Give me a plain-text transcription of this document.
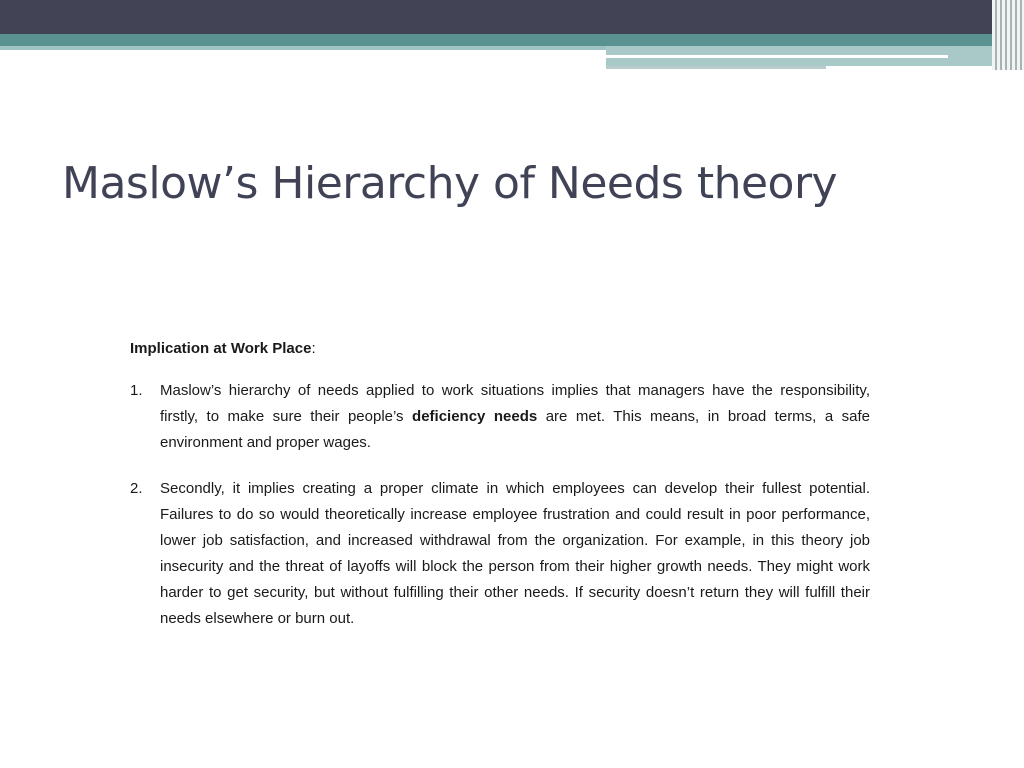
Maslow’s Hierarchy of Needs theory
Implication at Work Place:
1.	Maslow’s hierarchy of needs applied to work situations implies that managers have the responsibility, firstly, to make sure their people’s deficiency needs are met. This means, in broad terms, a safe environment and proper wages.
2.	Secondly, it implies creating a proper climate in which employees can develop their fullest potential. Failures to do so would theoretically increase employee frustration and could result in poor performance, lower job satisfaction, and increased withdrawal from the organization. For example, in this theory job insecurity and the threat of layoffs will block the person from their higher growth needs. They might work harder to get security, but without fulfilling their other needs. If security doesn’t return they will fulfill their needs elsewhere or burn out.
